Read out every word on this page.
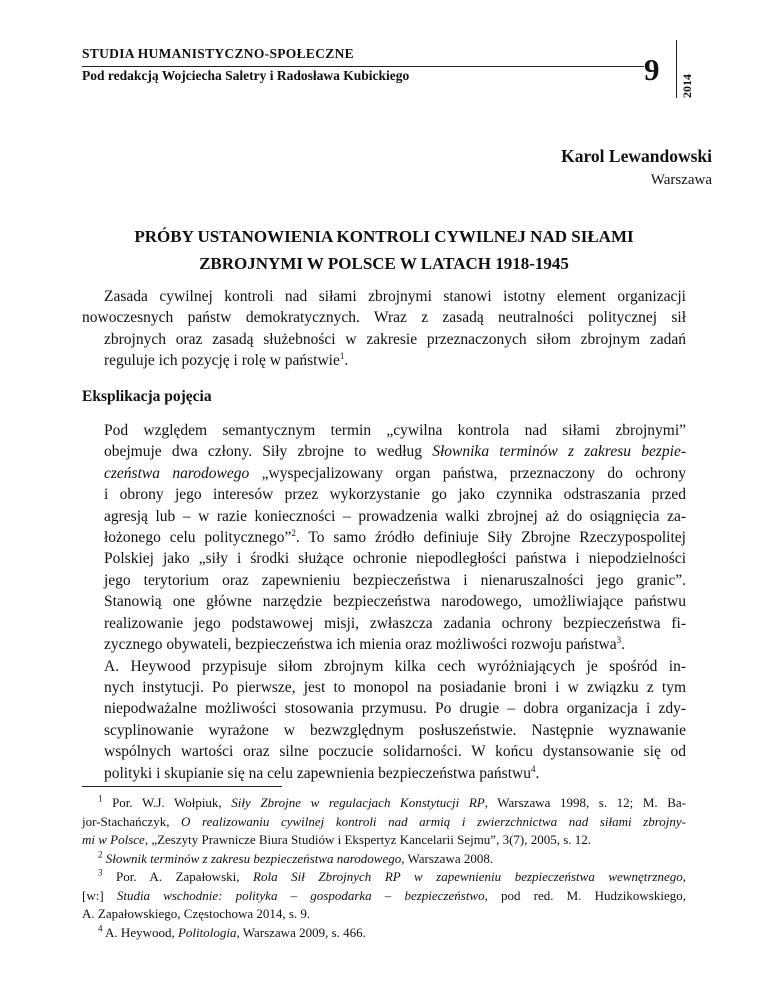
STUDIA HUMANISTYCZNO-SPOŁECZNE
Pod redakcją Wojciecha Saletry i Radosława Kubickiego	9 2014
Karol Lewandowski
Warszawa
PRÓBY USTANOWIENIA KONTROLI CYWILNEJ NAD SIŁAMI
ZBROJNYMI W POLSCE W LATACH 1918-1945

Zasada cywilnej kontroli nad siłami zbrojnymi stanowi istotny element organizacji
nowoczesnych państw demokratycznych. Wraz z zasadą neutralności politycznej sił
zbrojnych oraz zasadą służebności w zakresie przeznaczonych siłom zbrojnym zadań
reguluje ich pozycję i rolę w państwie$^1$.

Eksplikacja pojęcia

Pod względem semantycznym termin „cywilna kontrola nad siłami zbrojnymi”
obejmuje dwa człony. Siły zbrojne to według Słownika terminów z zakresu bezpie-
czeństwa narodowego „wyspecjalizowany organ państwa, przeznaczony do ochrony
i obrony jego interesów przez wykorzystanie go jako czynnika odstraszania przed
agresją lub – w razie konieczności – prowadzenia walki zbrojnej aż do osiągnięcia za-
łożonego celu politycznego”$^2$. To samo źródło definiuje Siły Zbrojne Rzeczypospolitej
Polskiej jako „siły i środki służące ochronie niepodległości państwa i niepodzielności
jego terytorium oraz zapewnieniu bezpieczeństwa i nienaruszalności jego granic”.
Stanowią one główne narzędzie bezpieczeństwa narodowego, umożliwiające państwu
realizowanie jego podstawowej misji, zwłaszcza zadania ochrony bezpieczeństwa fi-
zycznego obywateli, bezpieczeństwa ich mienia oraz możliwości rozwoju państwa$^3$.

A. Heywood przypisuje siłom zbrojnym kilka cech wyróżniających je spośród in-
nych instytucji. Po pierwsze, jest to monopol na posiadanie broni i w związku z tym
niepodważalne możliwości stosowania przymusu. Po drugie – dobra organizacja i zdy-
scyplinowanie wyrażone w bezwzględnym posłuszeństwie. Następnie wyznawanie
wspólnych wartości oraz silne poczucie solidarności. W końcu dystansowanie się od
polityki i skupianie się na celu zapewnienia bezpieczeństwa państwu$^4$.

$^1$ Por. W.J. Wołpiuk, Siły Zbrojne w regulacjach Konstytucji RP, Warszawa 1998, s. 12; M. Ba-
jor-Stachańczyk, O realizowaniu cywilnej kontroli nad armią i zwierzchnictwa nad siłami zbrojny-
mi w Polsce, „Zeszyty Prawnicze Biura Studiów i Ekspertyz Kancelarii Sejmu”, 3(7), 2005, s. 12.
$^2$ Słownik terminów z zakresu bezpieczeństwa narodowego, Warszawa 2008.
$^3$ Por. A. Zapałowski, Rola Sił Zbrojnych RP w zapewnieniu bezpieczeństwa wewnętrznego,
[w:] Studia wschodnie: polityka – gospodarka – bezpieczeństwo, pod red. M. Hudzikowskiego,
A. Zapałowskiego, Częstochowa 2014, s. 9.
$^4$ A. Heywood, Politologia, Warszawa 2009, s. 466.
